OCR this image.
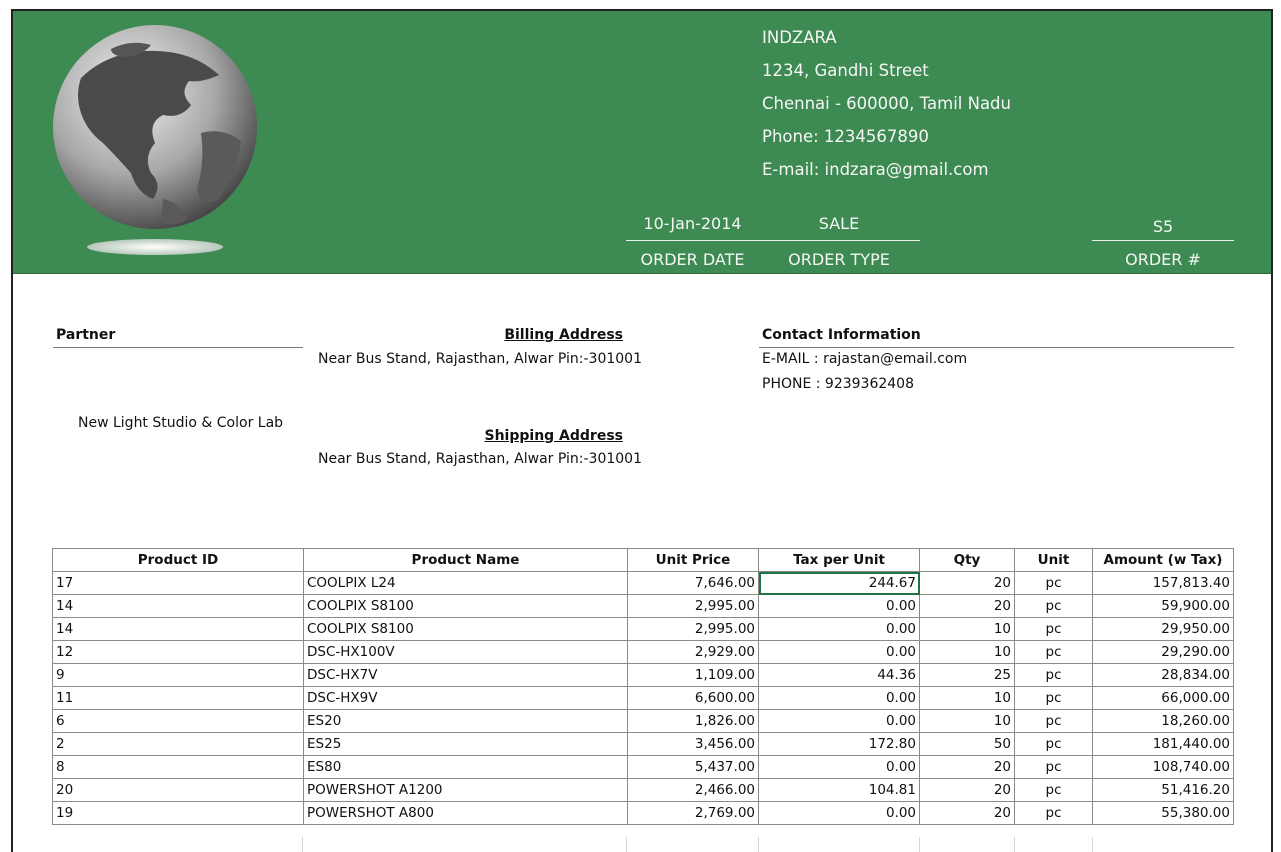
INDZARA
1234, Gandhi Street
Chennai - 600000, Tamil Nadu
Phone: 1234567890
E-mail: indzara@gmail.com
10-Jan-2014	SALE	S5
ORDER DATE	ORDER TYPE	ORDER #
Partner
New Light Studio & Color Lab
Billing Address
Near Bus Stand, Rajasthan, Alwar Pin:-301001
Shipping Address
Near Bus Stand, Rajasthan, Alwar Pin:-301001
Contact Information
E-MAIL : rajastan@email.com
PHONE : 9239362408
Product ID	Product Name	Unit Price	Tax per Unit	Qty	Unit	Amount (w Tax)
17	COOLPIX L24	7,646.00	244.67	20	pc	157,813.40
14	COOLPIX S8100	2,995.00	0.00	20	pc	59,900.00
14	COOLPIX S8100	2,995.00	0.00	10	pc	29,950.00
12	DSC-HX100V	2,929.00	0.00	10	pc	29,290.00
9	DSC-HX7V	1,109.00	44.36	25	pc	28,834.00
11	DSC-HX9V	6,600.00	0.00	10	pc	66,000.00
6	ES20	1,826.00	0.00	10	pc	18,260.00
2	ES25	3,456.00	172.80	50	pc	181,440.00
8	ES80	5,437.00	0.00	20	pc	108,740.00
20	POWERSHOT A1200	2,466.00	104.81	20	pc	51,416.20
19	POWERSHOT A800	2,769.00	0.00	20	pc	55,380.00
